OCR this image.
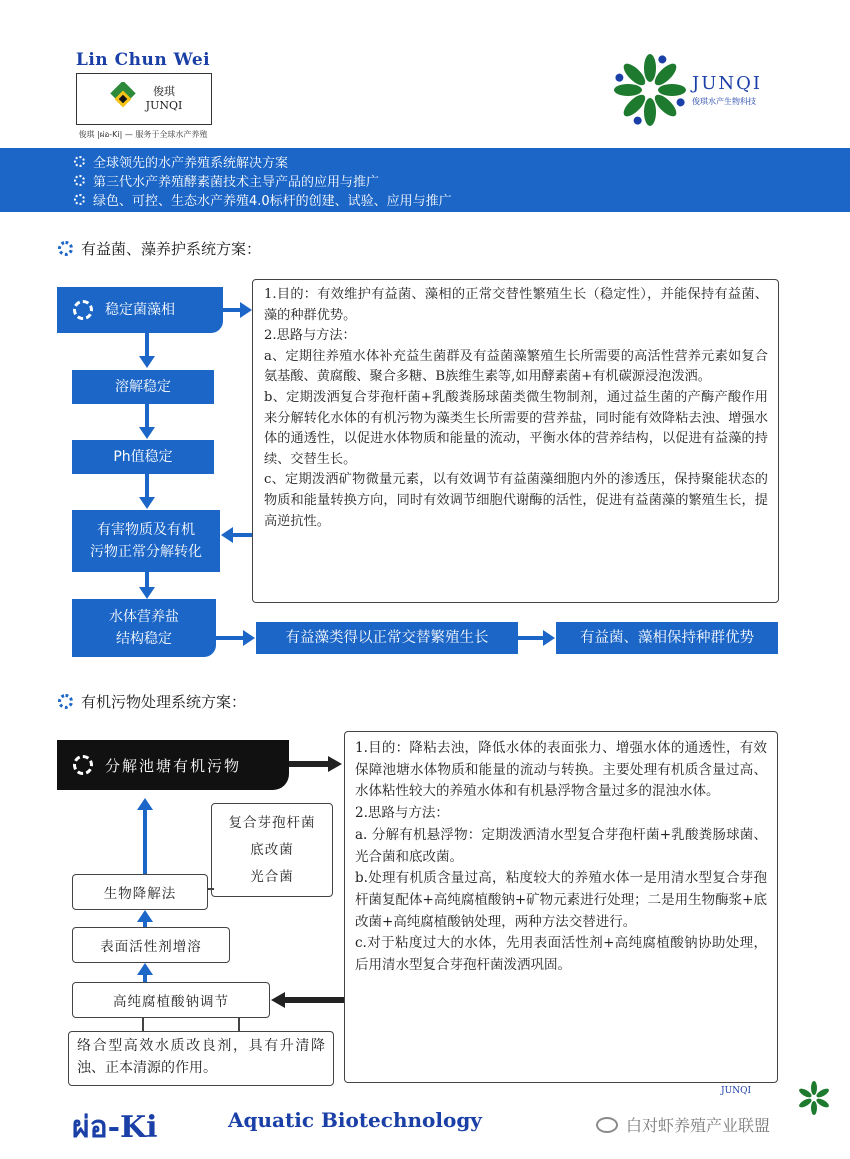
Lin Chun Wei
俊琪
JUNQI
俊琪 |ผ่อ-Ki| — 服务于全球水产养殖
JUNQI
俊琪水产生物科技
全球领先的水产养殖系统解决方案
第三代水产养殖酵素菌技术主导产品的应用与推广
绿色、可控、生态水产养殖4.0标杆的创建、试验、应用与推广
有益菌、藻养护系统方案：
稳定菌藻相
溶解稳定
Ph值稳定
有害物质及有机
污物正常分解转化
水体营养盐
结构稳定	有益藻类得以正常交替繁殖生长	有益菌、藻相保持种群优势

1.目的：有效维护有益菌、藻相的正常交替性繁殖生长（稳定性），并能保持有益菌、藻的种群优势。

2.思路与方法：

a、定期往养殖水体补充益生菌群及有益菌藻繁殖生长所需要的高活性营养元素如复合氨基酸、黄腐酸、聚合多糖、B族维生素等,如用酵素菌+有机碳源浸泡泼洒。

b、定期泼洒复合芽孢杆菌+乳酸粪肠球菌类微生物制剂，通过益生菌的产酶产酸作用来分解转化水体的有机污物为藻类生长所需要的营养盐，同时能有效降粘去浊、增强水体的通透性，以促进水体物质和能量的流动，平衡水体的营养结构，以促进有益藻的持续、交替生长。

c、定期泼洒矿物微量元素，以有效调节有益菌藻细胞内外的渗透压，保持聚能状态的物质和能量转换方向，同时有效调节细胞代谢酶的活性，促进有益菌藻的繁殖生长，提高逆抗性。

有机污物处理系统方案：
分解池塘有机污物
复合芽孢杆菌
底改菌
光合菌
生物降解法
表面活性剂增溶
高纯腐植酸钠调节
络合型高效水质改良剂，具有升清降浊、正本清源的作用。

1.目的：降粘去浊，降低水体的表面张力、增强水体的通透性，有效保障池塘水体物质和能量的流动与转换。主要处理有机质含量过高、水体粘性较大的养殖水体和有机悬浮物含量过多的混浊水体。

2.思路与方法：

a. 分解有机悬浮物：定期泼洒清水型复合芽孢杆菌+乳酸粪肠球菌、光合菌和底改菌。

b.处理有机质含量过高，粘度较大的养殖水体一是用清水型复合芽孢杆菌复配体+高纯腐植酸钠+矿物元素进行处理；二是用生物酶浆+底改菌+高纯腐植酸钠处理，两种方法交替进行。

c.对于粘度过大的水体，先用表面活性剂+高纯腐植酸钠协助处理，后用清水型复合芽孢杆菌泼洒巩固。

ผ่อ-Ki	Aquatic Biotechnology
JUNQI
白对虾养殖产业联盟
